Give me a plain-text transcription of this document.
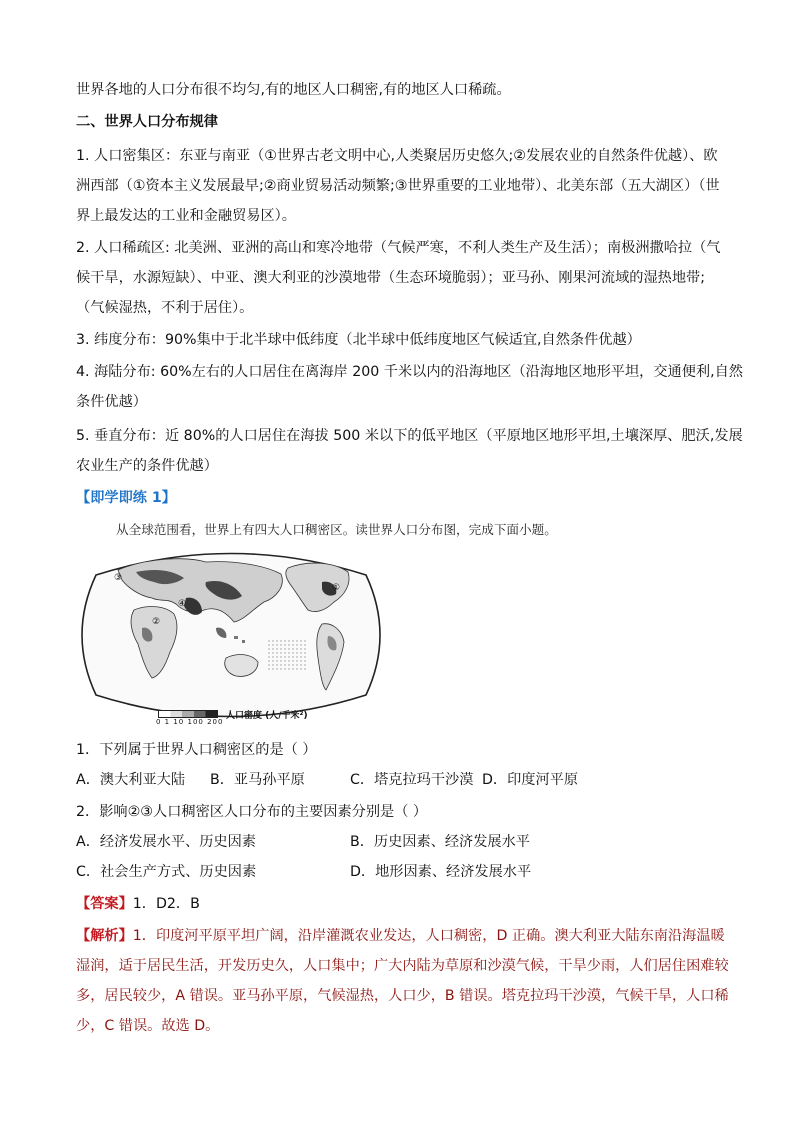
世界各地的人口分布很不均匀,有的地区人口稠密,有的地区人口稀疏。
二、世界人口分布规律
1. 人口密集区：东亚与南亚（①世界古老文明中心,人类聚居历史悠久;②发展农业的自然条件优越）、欧
洲西部（①资本主义发展最早;②商业贸易活动频繁;③世界重要的工业地带）、北美东部（五大湖区）（世
界上最发达的工业和金融贸易区）。
2. 人口稀疏区: 北美洲、亚洲的高山和寒冷地带（气候严寒，不利人类生产及生活）；南极洲撒哈拉（气
候干旱，水源短缺）、中亚、澳大利亚的沙漠地带（生态环境脆弱）；亚马孙、刚果河流域的湿热地带;
（气候湿热，不利于居住）。
3. 纬度分布：90%集中于北半球中低纬度（北半球中低纬度地区气候适宜,自然条件优越）
4. 海陆分布: 60%左右的人口居住在离海岸 200 千米以内的沿海地区（沿海地区地形平坦，交通便利,自然
条件优越）
5. 垂直分布：近 80%的人口居住在海拔 500 米以下的低平地区（平原地区地形平坦,土壤深厚、肥沃,发展
农业生产的条件优越）
【即学即练 1】
从全球范围看，世界上有四大人口稠密区。读世界人口分布图，完成下面小题。
③
①
②
④
0 1 10 100 200
人口密度 (人/千米²)
1．下列属于世界人口稠密区的是（ ）
A．澳大利亚大陆 B．亚马孙平原	C．塔克拉玛干沙漠 D．印度河平原
2．影响②③人口稠密区人口分布的主要因素分别是（ ）
A．经济发展水平、历史因素	B．历史因素、经济发展水平
C．社会生产方式、历史因素	D．地形因素、经济发展水平
【答案】1．D2．B
【解析】1．印度河平原平坦广阔，沿岸灌溉农业发达，人口稠密，D 正确。澳大利亚大陆东南沿海温暖
湿润，适于居民生活，开发历史久，人口集中；广大内陆为草原和沙漠气候，干旱少雨，人们居住困难较
多，居民较少，A 错误。亚马孙平原，气候湿热，人口少，B 错误。塔克拉玛干沙漠，气候干旱，人口稀
少，C 错误。故选 D。
